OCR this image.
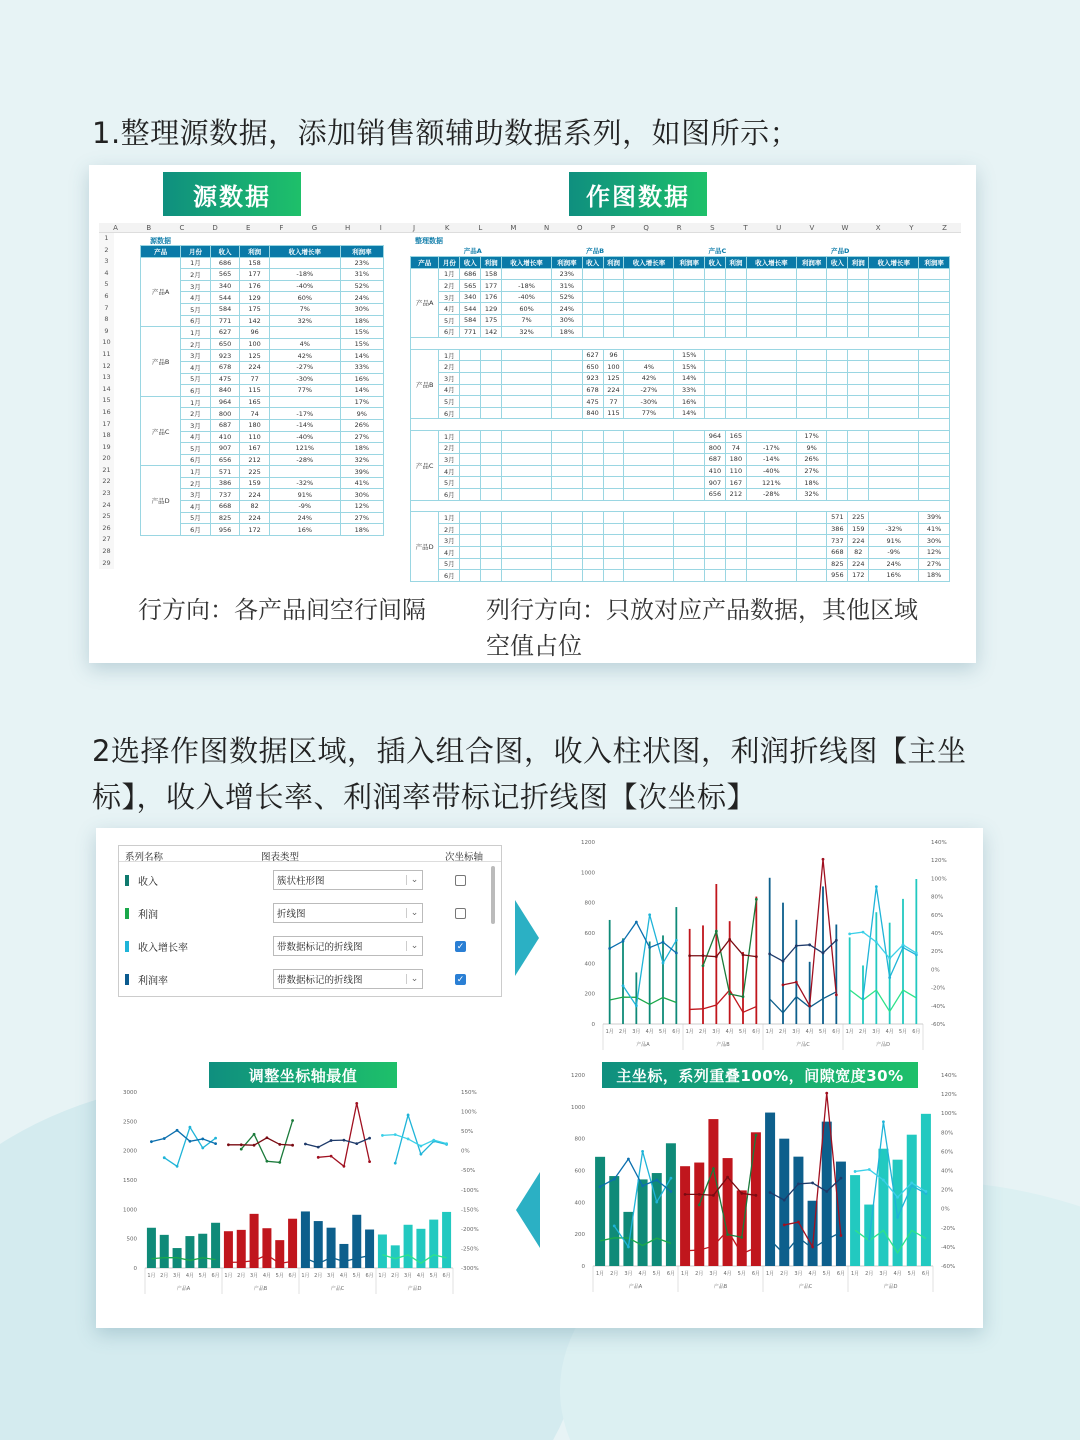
1.整理源数据，添加销售额辅助数据系列，如图所示；
源数据	作图数据
A	B	C	D	E	F	G	H	I	J	K	L	M	N	O	P	Q	R	S	T	U	V	W	X	Y	Z
1
2
3
4
5
6
7
8
9
10
11
12
13
14
15
16
17
18
19
20
21
22
23
24
25
26
27
28
29
源数据	整理数据
产品	月份	收入	利润	收入增长率	利润率
产品A	1月	686	158		23%
	2月	565	177	-18%	31%
	3月	340	176	-40%	52%
	4月	544	129	60%	24%
	5月	584	175	7%	30%
	6月	771	142	32%	18%
产品B	1月	627	96		15%
	2月	650	100	4%	15%
	3月	923	125	42%	14%
	4月	678	224	-27%	33%
	5月	475	77	-30%	16%
	6月	840	115	77%	14%
产品C	1月	964	165		17%
	2月	800	74	-17%	9%
	3月	687	180	-14%	26%
	4月	410	110	-40%	27%
	5月	907	167	121%	18%
	6月	656	212	-28%	32%
产品D	1月	571	225		39%
	2月	386	159	-32%	41%
	3月	737	224	91%	30%
	4月	668	82	-9%	12%
	5月	825	224	24%	27%
	6月	956	172	16%	18%
		产品A				产品B				产品C				产品D			
产品	月份	收入	利润	收入增长率	利润率	收入	利润	收入增长率	利润率	收入	利润	收入增长率	利润率	收入	利润	收入增长率	利润率
产品A	1月	686	158		23%												
	2月	565	177	-18%	31%												
	3月	340	176	-40%	52%												
	4月	544	129	60%	24%												
	5月	584	175	7%	30%												
	6月	771	142	32%	18%												

产品B	1月					627	96		15%								
	2月					650	100	4%	15%								
	3月					923	125	42%	14%								
	4月					678	224	-27%	33%								
	5月					475	77	-30%	16%								
	6月					840	115	77%	14%								

产品C	1月									964	165		17%				
	2月									800	74	-17%	9%				
	3月									687	180	-14%	26%				
	4月									410	110	-40%	27%				
	5月									907	167	121%	18%				
	6月									656	212	-28%	32%				

产品D	1月													571	225		39%
	2月													386	159	-32%	41%
	3月													737	224	91%	30%
	4月													668	82	-9%	12%
	5月													825	224	24%	27%
	6月													956	172	16%	18%
行方向：各产品间空行间隔	列行方向：只放对应产品数据，其他区域
空值占位
2选择作图数据区域，插入组合图，收入柱状图，利润折线图【主坐
标】，收入增长率、利润率带标记折线图【次坐标】
系列名称	图表类型	次坐标轴
收入	簇状柱形图	⌄
利润	折线图	⌄
收入增长率	带数据标记的折线图	⌄	✓
利润率	带数据标记的折线图	⌄	✓
1200
1000
800
600
400
200
0
140%
120%
100%
80%
60%
40%
20%
0%
-20%
-40%
-60%
1月 2月 3月 4月 5月 6月
产品A
1月 2月 3月 4月 5月 6月
产品B
1月 2月 3月 4月 5月 6月
产品C
1月 2月 3月 4月 5月 6月
产品D
3000
2500
2000
1500
1000
500
0
150%
100%
50%
0%
-50%
-100%
-150%
-200%
-250%
-300%
1月 2月 3月 4月 5月 6月
产品A
1月 2月 3月 4月 5月 6月
产品B
1月 2月 3月 4月 5月 6月
产品C
1月 2月 3月 4月 5月 6月
产品D
1200
1000
800
600
400
200
0
140%
120%
100%
80%
60%
40%
20%
0%
-20%
-40%
-60%
1月 2月 3月 4月 5月 6月
产品A
1月 2月 3月 4月 5月 6月
产品B
1月 2月 3月 4月 5月 6月
产品C
1月 2月 3月 4月 5月 6月
产品D
调整坐标轴最值	主坐标，系列重叠100%，间隙宽度30%
